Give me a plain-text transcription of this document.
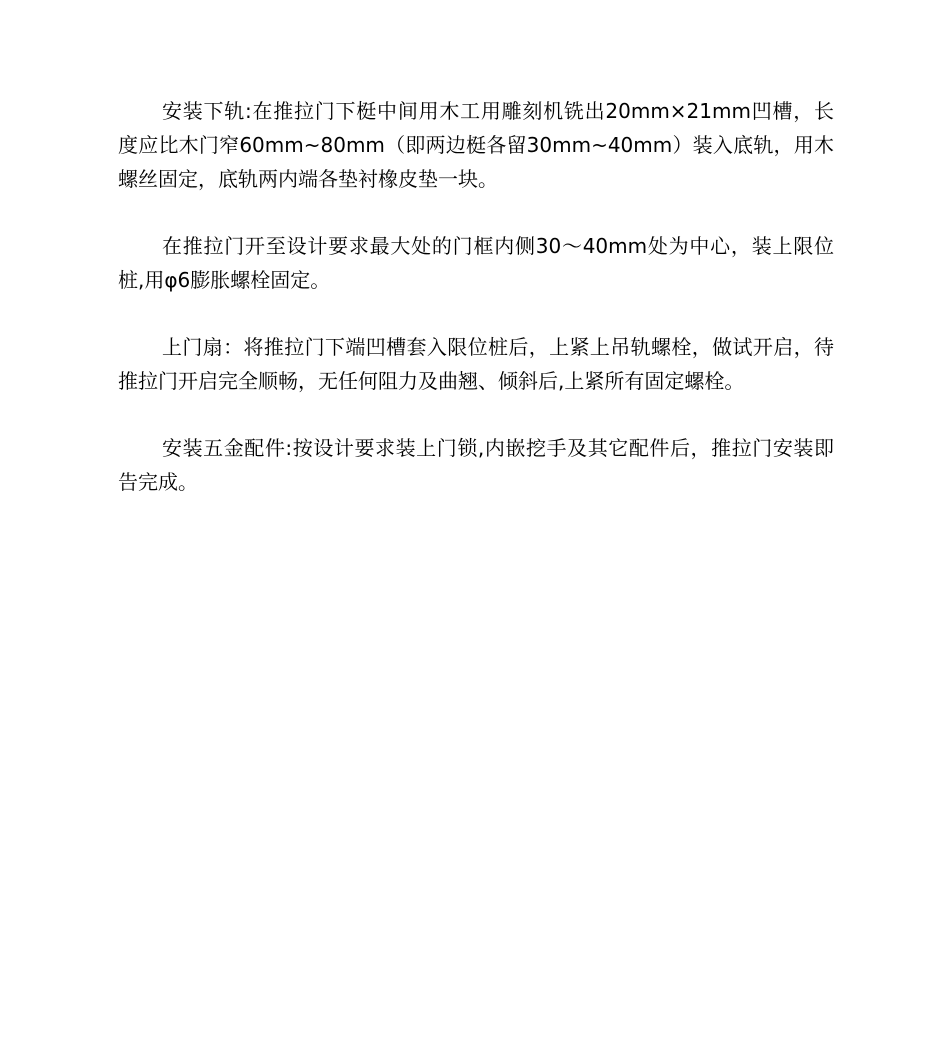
安装下轨:在推拉门下梃中间用木工用雕刻机铣出20mm×21mm凹槽，长度应比木门窄60mm~80mm（即两边梃各留30mm~40mm）装入底轨，用木螺丝固定，底轨两内端各垫衬橡皮垫一块。

在推拉门开至设计要求最大处的门框内侧30～40mm处为中心，装上限位桩,用φ6膨胀螺栓固定。

上门扇：将推拉门下端凹槽套入限位桩后，上紧上吊轨螺栓，做试开启，待推拉门开启完全顺畅，无任何阻力及曲翘、倾斜后,上紧所有固定螺栓。

安装五金配件:按设计要求装上门锁,内嵌挖手及其它配件后，推拉门安装即告完成。
